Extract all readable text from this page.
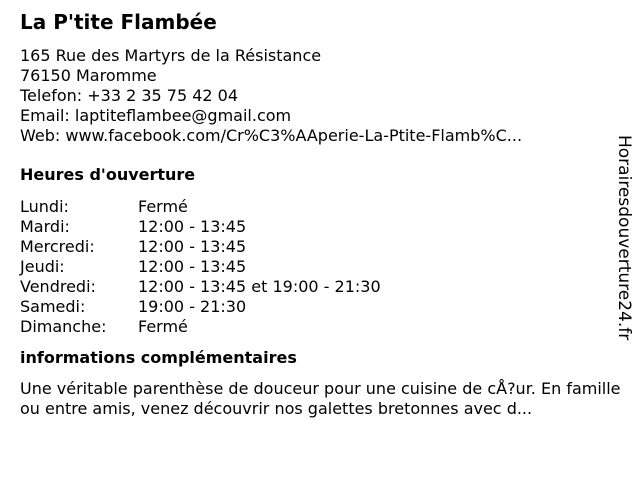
La P'tite Flambée
165 Rue des Martyrs de la Résistance
76150 Maromme
Telefon: +33 2 35 75 42 04
Email: laptiteflambee@gmail.com
Web: www.facebook.com/Cr%C3%AAperie-La-Ptite-Flamb%C...
Heures d'ouverture
Lundi:	Fermé
Mardi:	12:00 - 13:45
Mercredi:	12:00 - 13:45
Jeudi:	12:00 - 13:45
Vendredi:	12:00 - 13:45 et 19:00 - 21:30
Samedi:	19:00 - 21:30
Dimanche: Fermé
informations complémentaires
Une véritable parenthèse de douceur pour une cuisine de cÅ?ur. En famille ou entre amis, venez découvrir nos galettes bretonnes avec d...
Horairesdouverture24.fr
